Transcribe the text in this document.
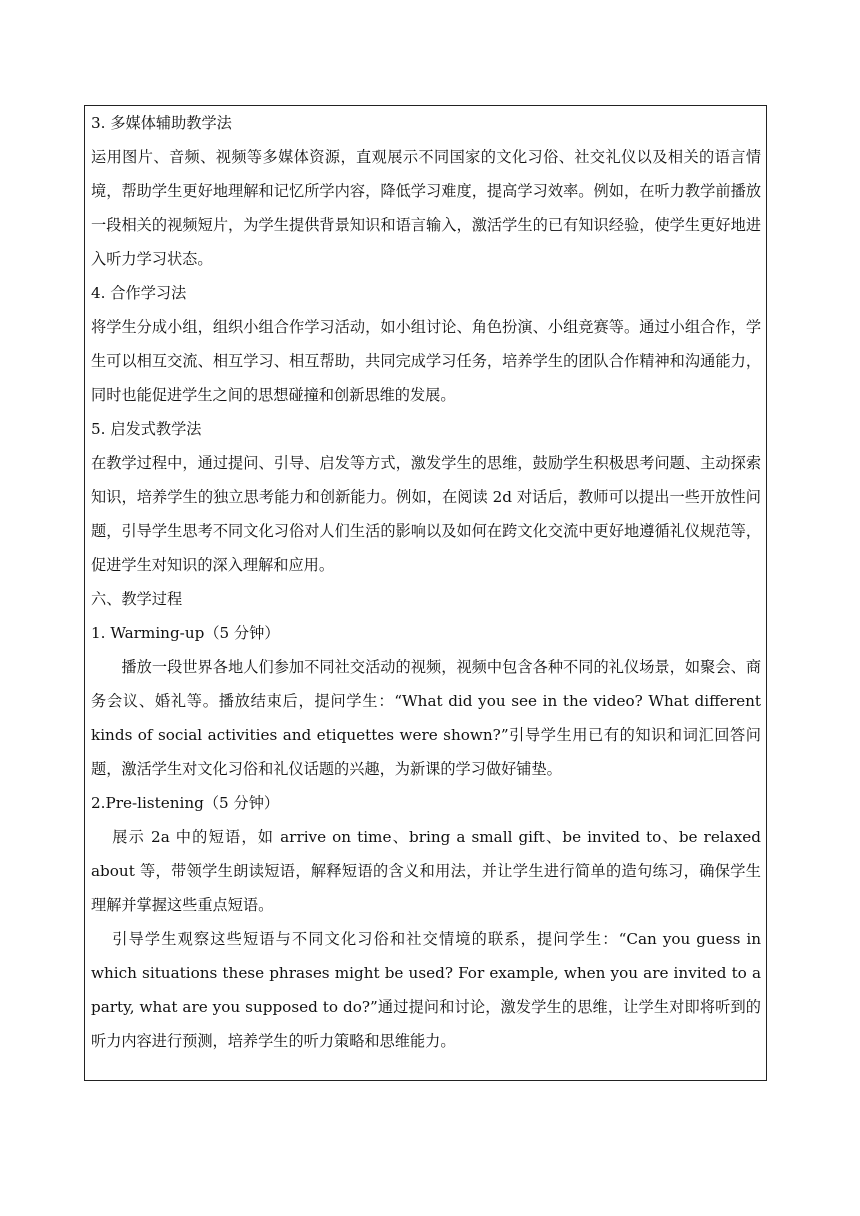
3. 多媒体辅助教学法

运用图片、音频、视频等多媒体资源，直观展示不同国家的文化习俗、社交礼仪以及相关的语言情境，帮助学生更好地理解和记忆所学内容，降低学习难度，提高学习效率。例如，在听力教学前播放一段相关的视频短片，为学生提供背景知识和语言输入，激活学生的已有知识经验，使学生更好地进入听力学习状态。

4. 合作学习法

将学生分成小组，组织小组合作学习活动，如小组讨论、角色扮演、小组竞赛等。通过小组合作，学生可以相互交流、相互学习、相互帮助，共同完成学习任务，培养学生的团队合作精神和沟通能力，同时也能促进学生之间的思想碰撞和创新思维的发展。

5. 启发式教学法

在教学过程中，通过提问、引导、启发等方式，激发学生的思维，鼓励学生积极思考问题、主动探索知识，培养学生的独立思考能力和创新能力。例如，在阅读 2d 对话后，教师可以提出一些开放性问题，引导学生思考不同文化习俗对人们生活的影响以及如何在跨文化交流中更好地遵循礼仪规范等，促进学生对知识的深入理解和应用。

六、教学过程

1. Warming-up（5 分钟）

播放一段世界各地人们参加不同社交活动的视频，视频中包含各种不同的礼仪场景，如聚会、商务会议、婚礼等。播放结束后，提问学生：“What did you see in the video? What different kinds of social activities and etiquettes were shown?”引导学生用已有的知识和词汇回答问题，激活学生对文化习俗和礼仪话题的兴趣，为新课的学习做好铺垫。

2.Pre-listening（5 分钟）

展示 2a 中的短语，如 arrive on time、bring a small gift、be invited to、be relaxed about 等，带领学生朗读短语，解释短语的含义和用法，并让学生进行简单的造句练习，确保学生理解并掌握这些重点短语。

引导学生观察这些短语与不同文化习俗和社交情境的联系，提问学生：“Can you guess in which situations these phrases might be used? For example, when you are invited to a party, what are you supposed to do?”通过提问和讨论，激发学生的思维，让学生对即将听到的听力内容进行预测，培养学生的听力策略和思维能力。
